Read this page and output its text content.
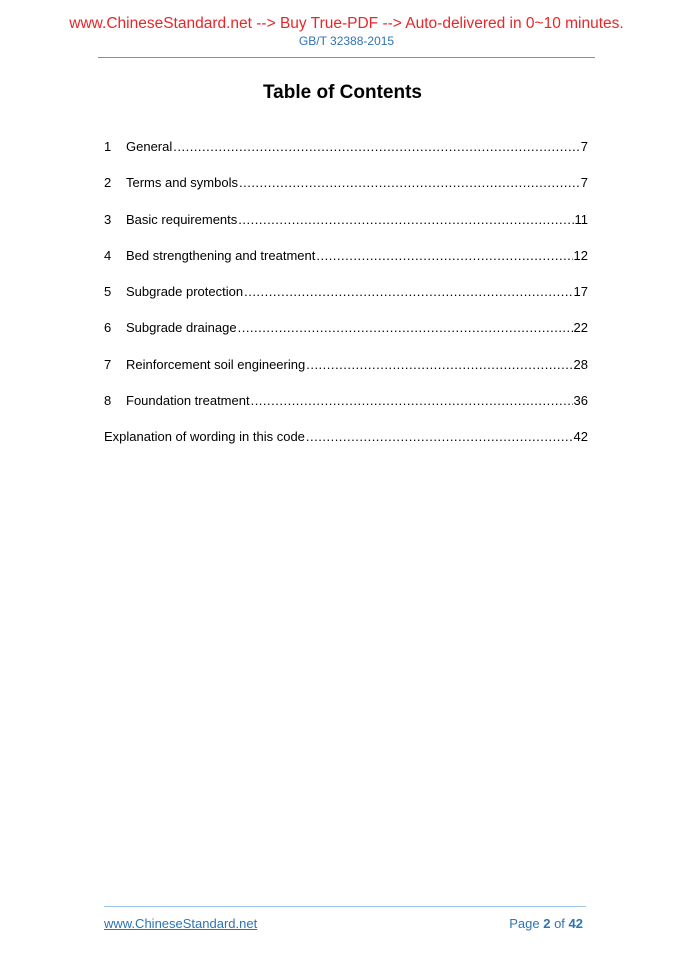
www.ChineseStandard.net --> Buy True-PDF --> Auto-delivered in 0~10 minutes.
GB/T 32388-2015
Table of Contents
1	General .....	7
2	Terms and symbols .....	7
3	Basic requirements .....	11
4	Bed strengthening and treatment .....	12
5	Subgrade protection .....	17
6	Subgrade drainage .....	22
7	Reinforcement soil engineering .....	28
8	Foundation treatment .....	36
Explanation of wording in this code .....	42
www.ChineseStandard.net	Page 2 of 42
